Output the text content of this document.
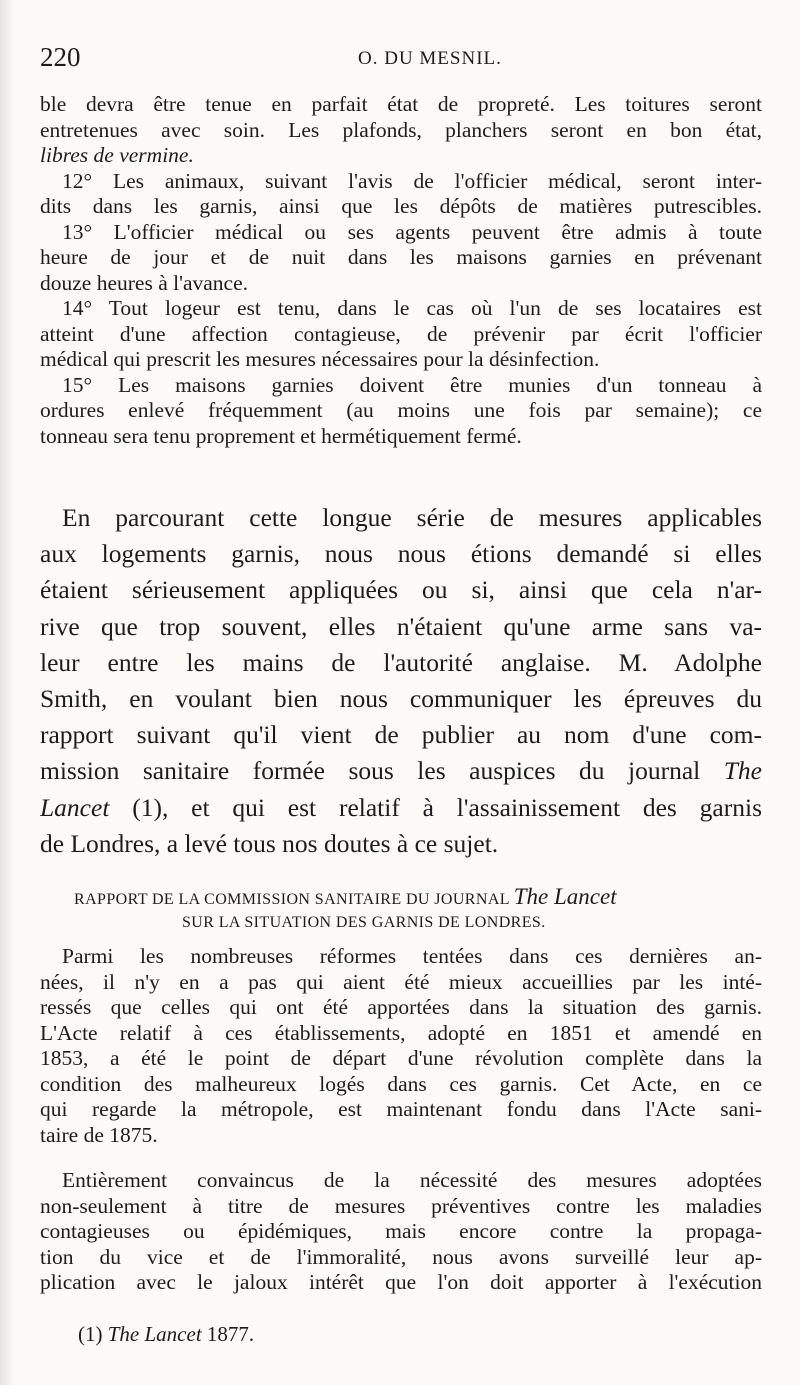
220	O. DU MESNIL.
ble devra être tenue en parfait état de propreté. Les toitures seront
entretenues avec soin. Les plafonds, planchers seront en bon état,
libres de vermine.
12° Les animaux, suivant l'avis de l'officier médical, seront inter-
dits dans les garnis, ainsi que les dépôts de matières putrescibles.
13° L'officier médical ou ses agents peuvent être admis à toute
heure de jour et de nuit dans les maisons garnies en prévenant
douze heures à l'avance.
14° Tout logeur est tenu, dans le cas où l'un de ses locataires est
atteint d'une affection contagieuse, de prévenir par écrit l'officier
médical qui prescrit les mesures nécessaires pour la désinfection.
15° Les maisons garnies doivent être munies d'un tonneau à
ordures enlevé fréquemment (au moins une fois par semaine); ce
tonneau sera tenu proprement et hermétiquement fermé.
En parcourant cette longue série de mesures applicables
aux logements garnis, nous nous étions demandé si elles
étaient sérieusement appliquées ou si, ainsi que cela n'ar-
rive que trop souvent, elles n'étaient qu'une arme sans va-
leur entre les mains de l'autorité anglaise. M. Adolphe
Smith, en voulant bien nous communiquer les épreuves du
rapport suivant qu'il vient de publier au nom d'une com-
mission sanitaire formée sous les auspices du journal The
Lancet (1), et qui est relatif à l'assainissement des garnis
de Londres, a levé tous nos doutes à ce sujet.
RAPPORT DE LA COMMISSION SANITAIRE DU JOURNAL The Lancet
SUR LA SITUATION DES GARNIS DE LONDRES.
Parmi les nombreuses réformes tentées dans ces dernières an-
nées, il n'y en a pas qui aient été mieux accueillies par les inté-
ressés que celles qui ont été apportées dans la situation des garnis.
L'Acte relatif à ces établissements, adopté en 1851 et amendé en
1853, a été le point de départ d'une révolution complète dans la
condition des malheureux logés dans ces garnis. Cet Acte, en ce
qui regarde la métropole, est maintenant fondu dans l'Acte sani-
taire de 1875.
Entièrement convaincus de la nécessité des mesures adoptées
non-seulement à titre de mesures préventives contre les maladies
contagieuses ou épidémiques, mais encore contre la propaga-
tion du vice et de l'immoralité, nous avons surveillé leur ap-
plication avec le jaloux intérêt que l'on doit apporter à l'exécution
(1) The Lancet 1877.
